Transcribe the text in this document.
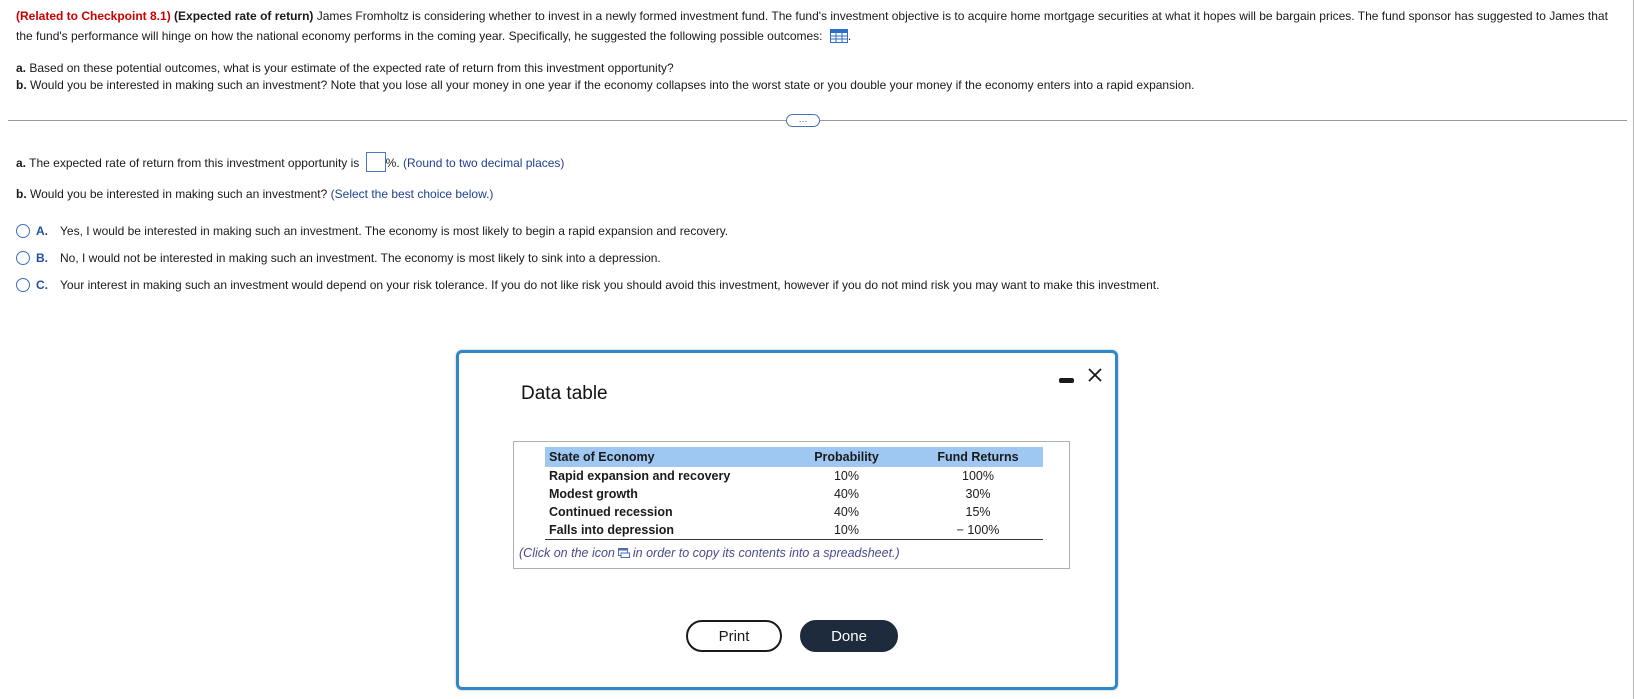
(Related to Checkpoint 8.1) (Expected rate of return) James Fromholtz is considering whether to invest in a newly formed investment fund. The fund's investment objective is to acquire home mortgage securities at what it hopes will be bargain prices. The fund sponsor has suggested to James that the fund's performance will hinge on how the national economy performs in the coming year. Specifically, he suggested the following possible outcomes: .
a. Based on these potential outcomes, what is your estimate of the expected rate of return from this investment opportunity?
b. Would you be interested in making such an investment? Note that you lose all your money in one year if the economy collapses into the worst state or you double your money if the economy enters into a rapid expansion.
…
a. The expected rate of return from this investment opportunity is %. (Round to two decimal places)
b. Would you be interested in making such an investment? (Select the best choice below.)
A. Yes, I would be interested in making such an investment. The economy is most likely to begin a rapid expansion and recovery.
B. No, I would not be interested in making such an investment. The economy is most likely to sink into a depression.
C. Your interest in making such an investment would depend on your risk tolerance. If you do not like risk you should avoid this investment, however if you do not mind risk you may want to make this investment.
Data table
State of Economy	Probability	Fund Returns
Rapid expansion and recovery	10%	100%
Modest growth	40%	30%
Continued recession	40%	15%
Falls into depression	10%	− 100%
(Click on the icon in order to copy its contents into a spreadsheet.)
Print	Done
